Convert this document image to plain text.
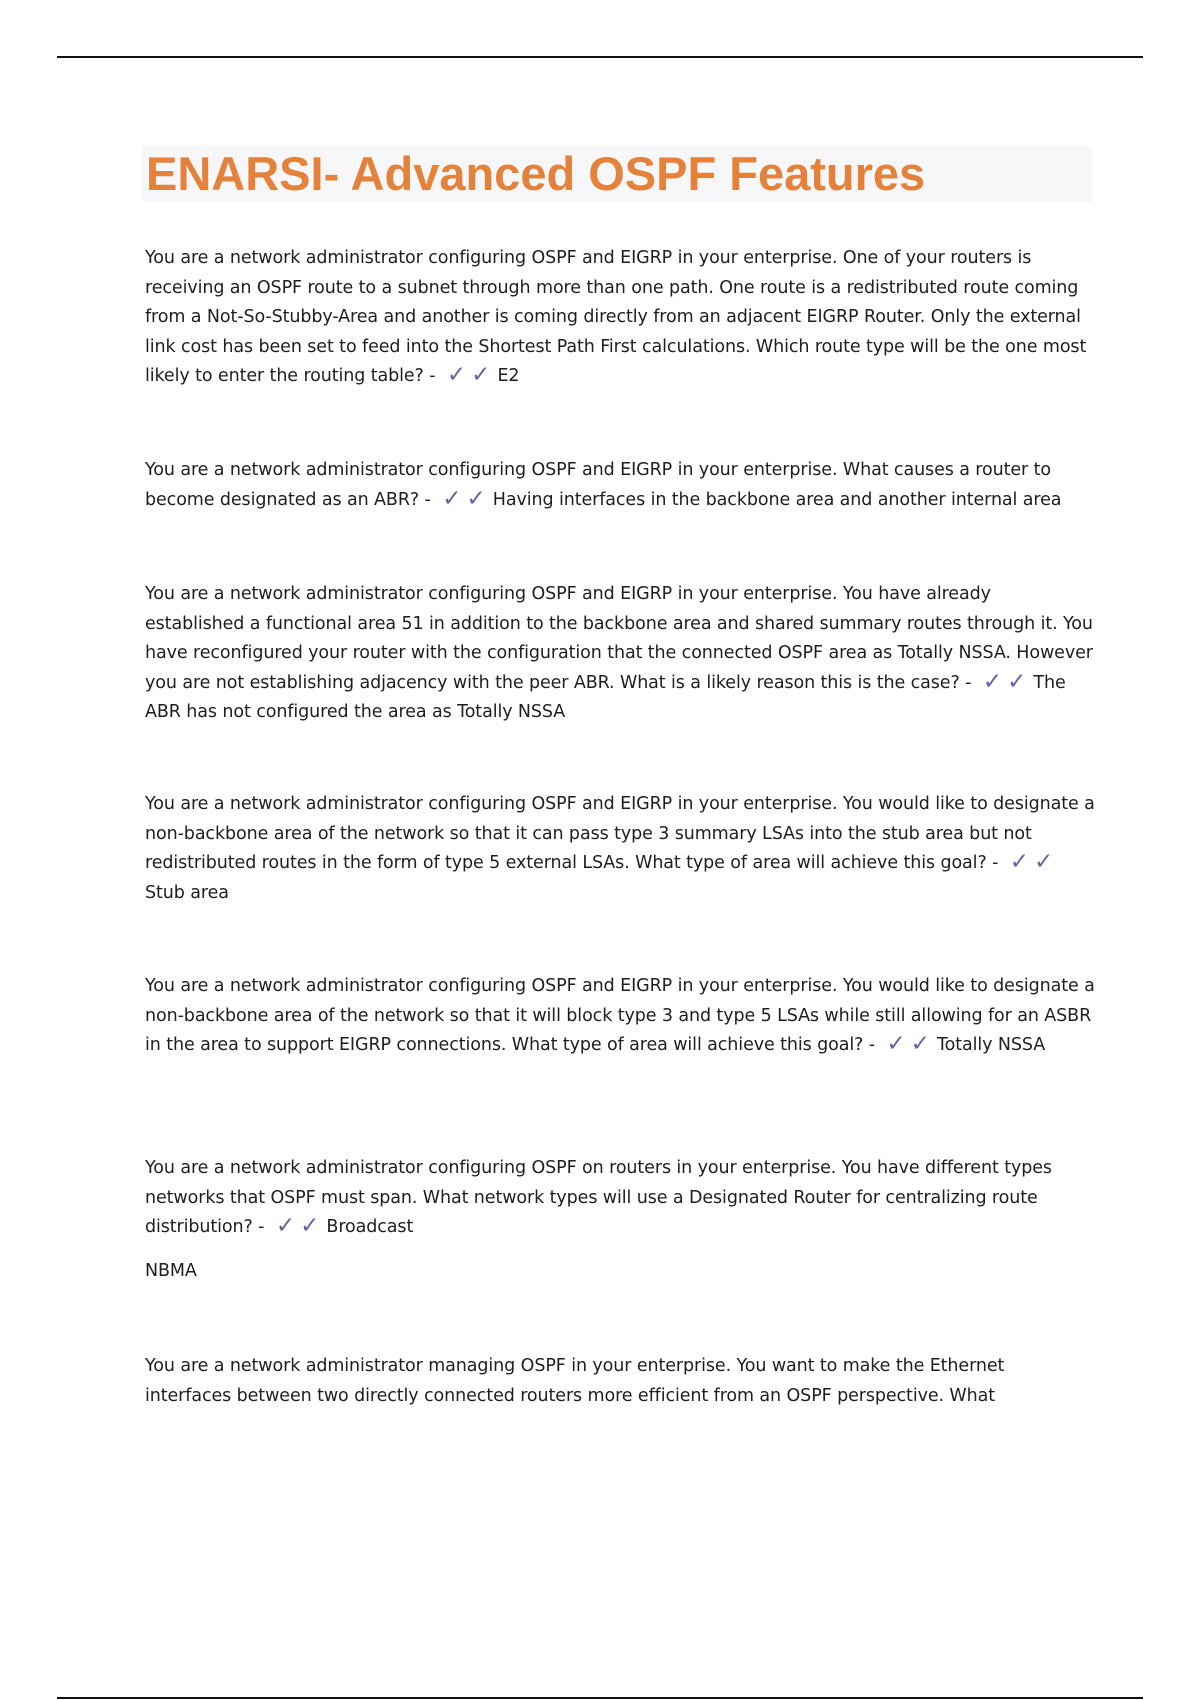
ENARSI- Advanced OSPF Features

You are a network administrator configuring OSPF and EIGRP in your enterprise. One of your routers is receiving an OSPF route to a subnet through more than one path. One route is a redistributed route coming from a Not-So-Stubby-Area and another is coming directly from an adjacent EIGRP Router. Only the external link cost has been set to feed into the Shortest Path First calculations. Which route type will be the one most likely to enter the routing table? - ✓✓ E2

You are a network administrator configuring OSPF and EIGRP in your enterprise. What causes a router to become designated as an ABR? - ✓✓ Having interfaces in the backbone area and another internal area

You are a network administrator configuring OSPF and EIGRP in your enterprise. You have already established a functional area 51 in addition to the backbone area and shared summary routes through it. You have reconfigured your router with the configuration that the connected OSPF area as Totally NSSA. However you are not establishing adjacency with the peer ABR. What is a likely reason this is the case? - ✓✓ The ABR has not configured the area as Totally NSSA

You are a network administrator configuring OSPF and EIGRP in your enterprise. You would like to designate a non-backbone area of the network so that it can pass type 3 summary LSAs into the stub area but not redistributed routes in the form of type 5 external LSAs. What type of area will achieve this goal? - ✓✓Stub area

You are a network administrator configuring OSPF and EIGRP in your enterprise. You would like to designate a non-backbone area of the network so that it will block type 3 and type 5 LSAs while still allowing for an ASBR in the area to support EIGRP connections. What type of area will achieve this goal? - ✓✓ Totally NSSA

You are a network administrator configuring OSPF on routers in your enterprise. You have different types networks that OSPF must span. What network types will use a Designated Router for centralizing route distribution? - ✓✓ Broadcast

NBMA

You are a network administrator managing OSPF in your enterprise. You want to make the Ethernet interfaces between two directly connected routers more efficient from an OSPF perspective. What
